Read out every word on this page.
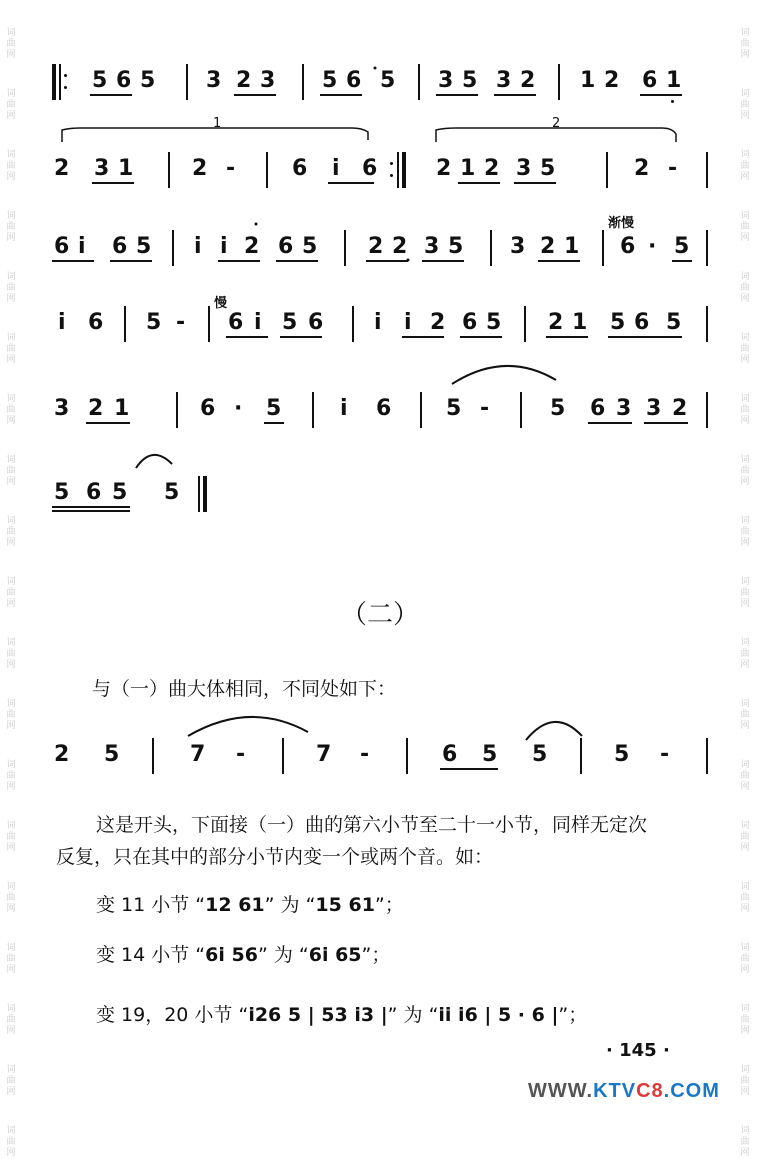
词曲网
词曲网
词曲网
词曲网
词曲网
词曲网
词曲网
词曲网
词曲网
词曲网
词曲网
词曲网
词曲网
词曲网
词曲网
词曲网
词曲网
词曲网
词曲网
词曲网
词曲网
词曲网
词曲网
词曲网
词曲网
词曲网
词曲网
词曲网
词曲网
词曲网
词曲网
词曲网
词曲网
词曲网
词曲网
词曲网
词曲网
词曲网
5 6 5 3 2 3 5 6 5 3 5 3 2 1 2 6 1
2 3 1	2 -	6 i 6	2 1 2 3 5	2 -
6 i 6 5 i i 2 6 5 2 2 3 5 3 2 1
渐慢
6 · 5
i 6 5 -
慢
6 i 5 6 i i 2 6 5 2 1 5 6 5
3 2 1	6 · 5	i 6 5 -	5 6 3 3 2
5 6 5 5
1	2
（二）
与（一）曲大体相同，不同处如下：
2 5	7 -	7 -	6 5 5	5 -
这是开头，下面接（一）曲的第六小节至二十一小节，同样无定次
反复，只在其中的部分小节内变一个或两个音。如：
变 11 小节 “12 61” 为 “15 61”；
变 14 小节 “6i 56” 为 “6i 65”；
变 19，20 小节 “i26 5 | 53 i3 |” 为 “ii i6 | 5 · 6 |”；
· 145 ·
WWW.KTVC8.COM
